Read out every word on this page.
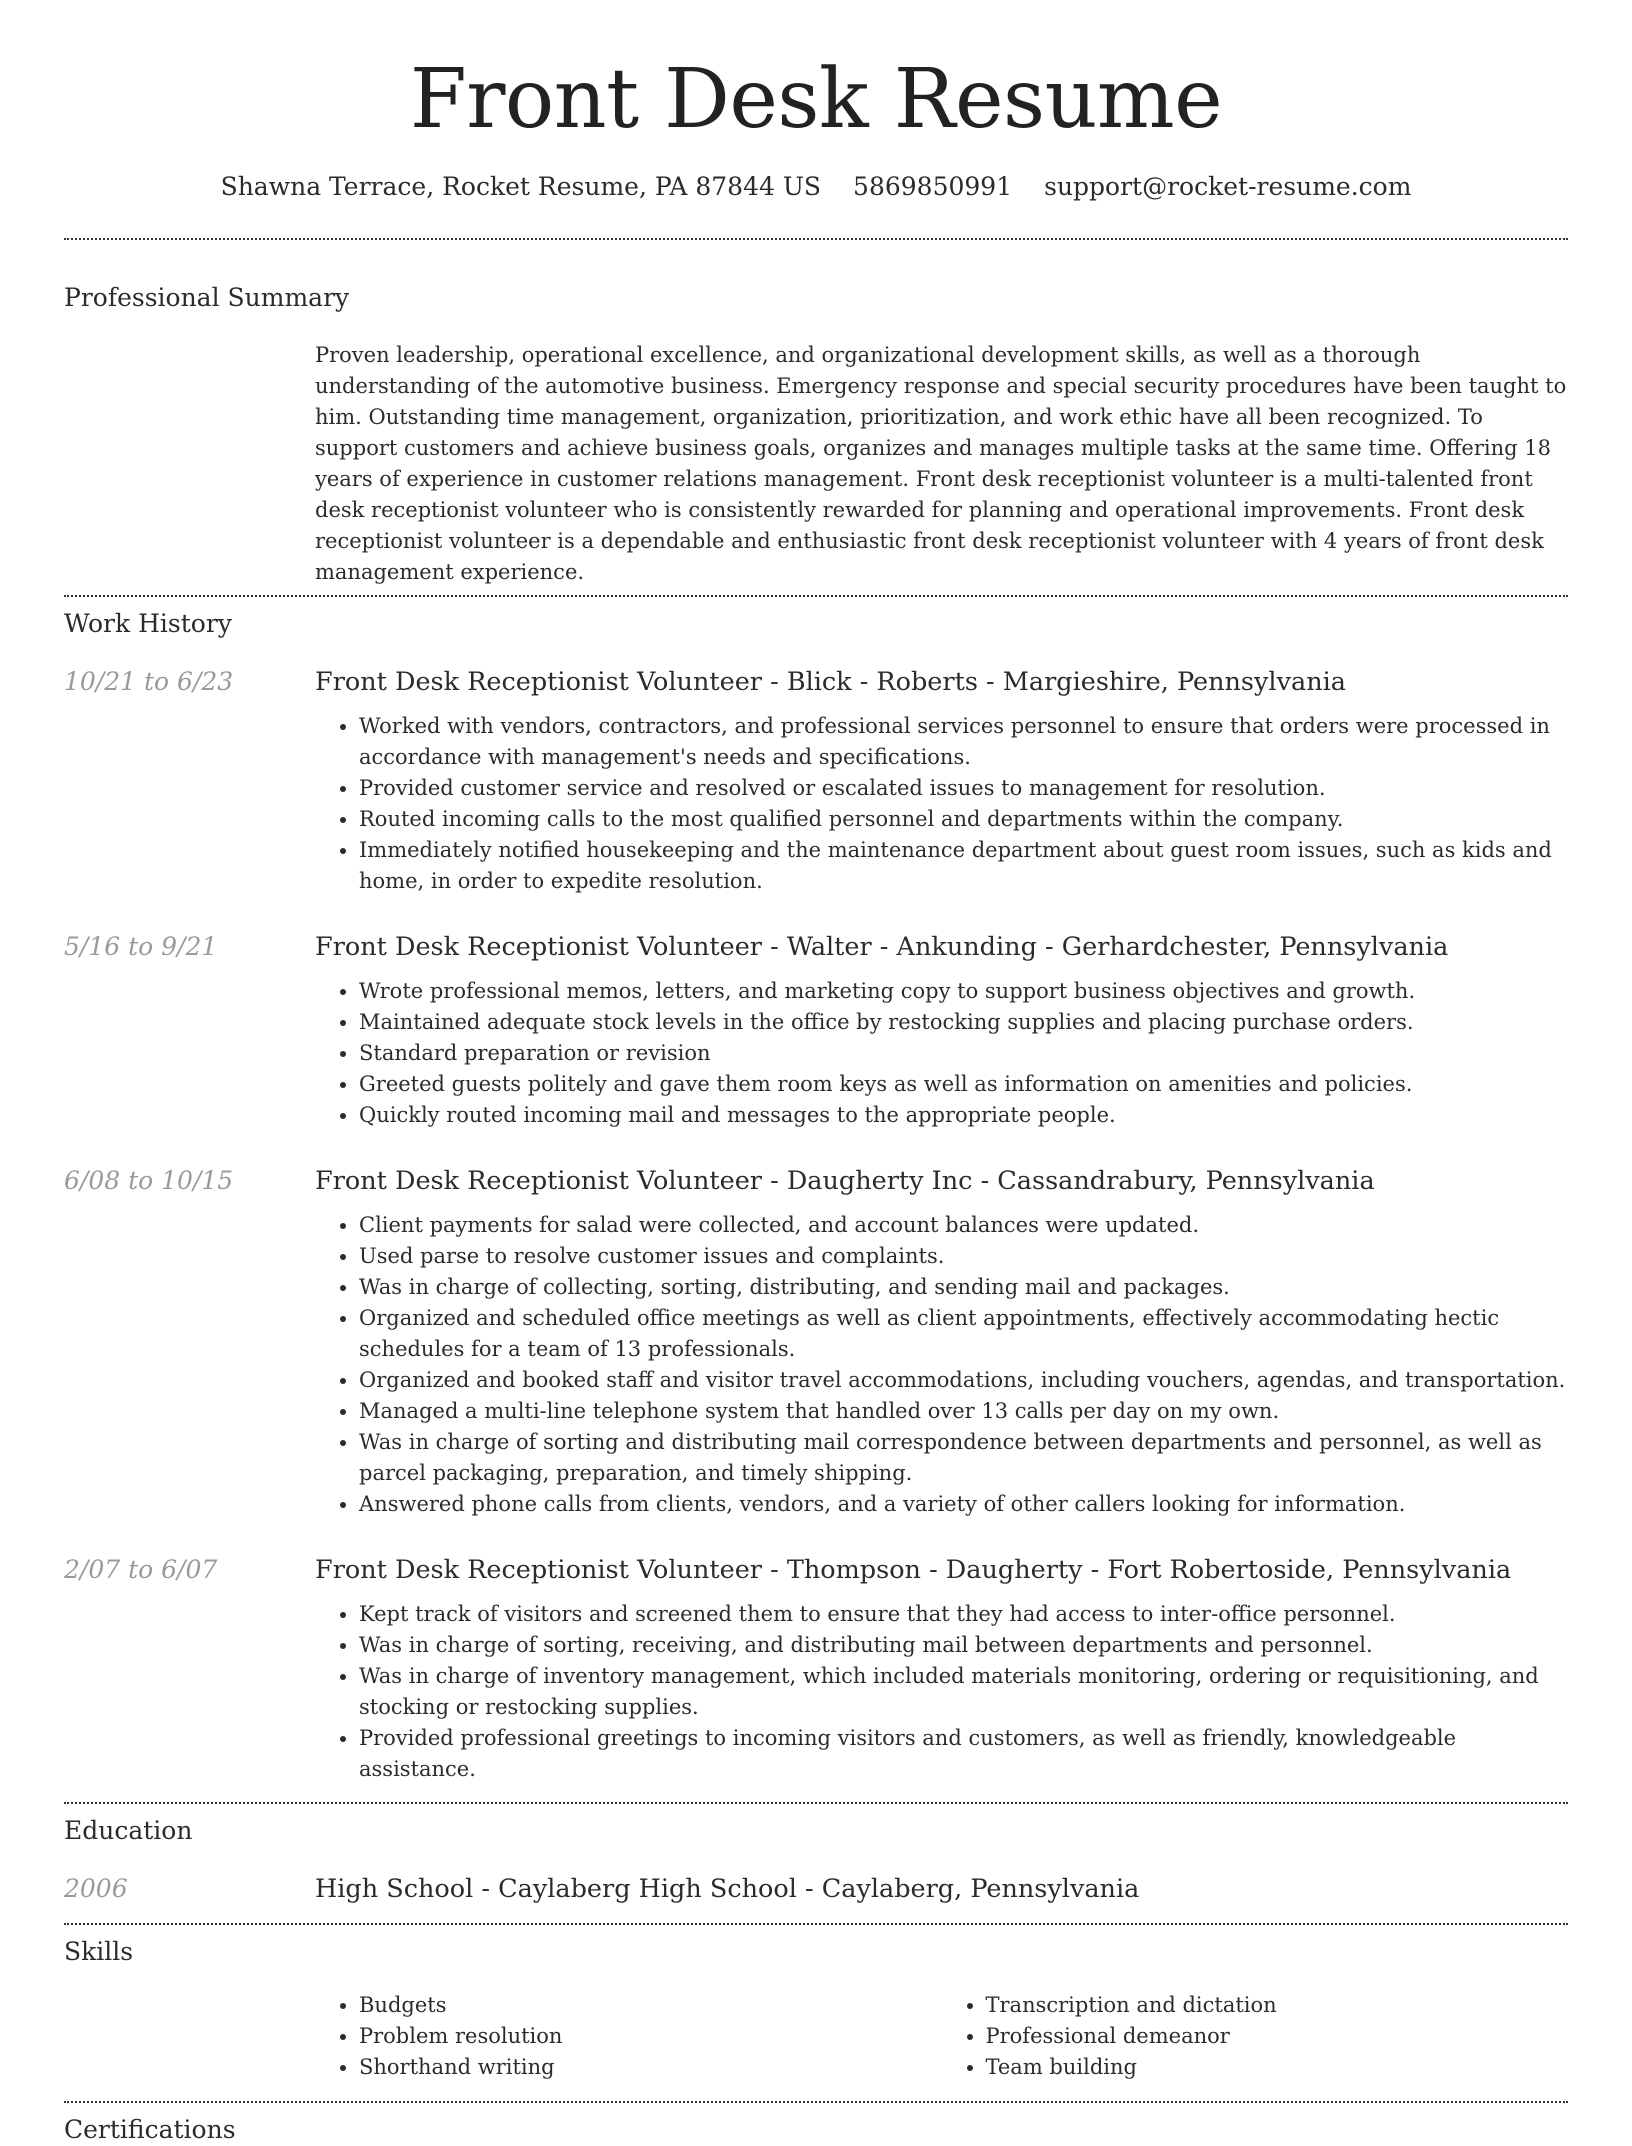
Front Desk Resume
Shawna Terrace, Rocket Resume, PA 87844 US 5869850991 support@rocket-resume.com
Professional Summary

Proven leadership, operational excellence, and organizational development skills, as well as a thorough understanding of the automotive business. Emergency response and special security procedures have been taught to him. Outstanding time management, organization, prioritization, and work ethic have all been recognized. To support customers and achieve business goals, organizes and manages multiple tasks at the same time. Offering 18 years of experience in customer relations management. Front desk receptionist volunteer is a multi-talented front desk receptionist volunteer who is consistently rewarded for planning and operational improvements. Front desk receptionist volunteer is a dependable and enthusiastic front desk receptionist volunteer with 4 years of front desk management experience.

Work History
10/21 to 6/23	Front Desk Receptionist Volunteer - Blick - Roberts - Margieshire, Pennsylvania
• Worked with vendors, contractors, and professional services personnel to ensure that orders were processed in accordance with management's needs and specifications.
• Provided customer service and resolved or escalated issues to management for resolution.
• Routed incoming calls to the most qualified personnel and departments within the company.
• Immediately notified housekeeping and the maintenance department about guest room issues, such as kids and home, in order to expedite resolution.
5/16 to 9/21	Front Desk Receptionist Volunteer - Walter - Ankunding - Gerhardchester, Pennsylvania
• Wrote professional memos, letters, and marketing copy to support business objectives and growth.
• Maintained adequate stock levels in the office by restocking supplies and placing purchase orders.
• Standard preparation or revision
• Greeted guests politely and gave them room keys as well as information on amenities and policies.
• Quickly routed incoming mail and messages to the appropriate people.
6/08 to 10/15	Front Desk Receptionist Volunteer - Daugherty Inc - Cassandrabury, Pennsylvania
• Client payments for salad were collected, and account balances were updated.
• Used parse to resolve customer issues and complaints.
• Was in charge of collecting, sorting, distributing, and sending mail and packages.
• Organized and scheduled office meetings as well as client appointments, effectively accommodating hectic schedules for a team of 13 professionals.
• Organized and booked staff and visitor travel accommodations, including vouchers, agendas, and transportation.
• Managed a multi-line telephone system that handled over 13 calls per day on my own.
• Was in charge of sorting and distributing mail correspondence between departments and personnel, as well as parcel packaging, preparation, and timely shipping.
• Answered phone calls from clients, vendors, and a variety of other callers looking for information.
2/07 to 6/07	Front Desk Receptionist Volunteer - Thompson - Daugherty - Fort Robertoside, Pennsylvania
• Kept track of visitors and screened them to ensure that they had access to inter-office personnel.
• Was in charge of sorting, receiving, and distributing mail between departments and personnel.
• Was in charge of inventory management, which included materials monitoring, ordering or requisitioning, and stocking or restocking supplies.
• Provided professional greetings to incoming visitors and customers, as well as friendly, knowledgeable assistance.
Education
2006	High School - Caylaberg High School - Caylaberg, Pennsylvania
Skills
• Budgets
• Problem resolution
• Shorthand writing
• Transcription and dictation
• Professional demeanor
• Team building
Certifications
